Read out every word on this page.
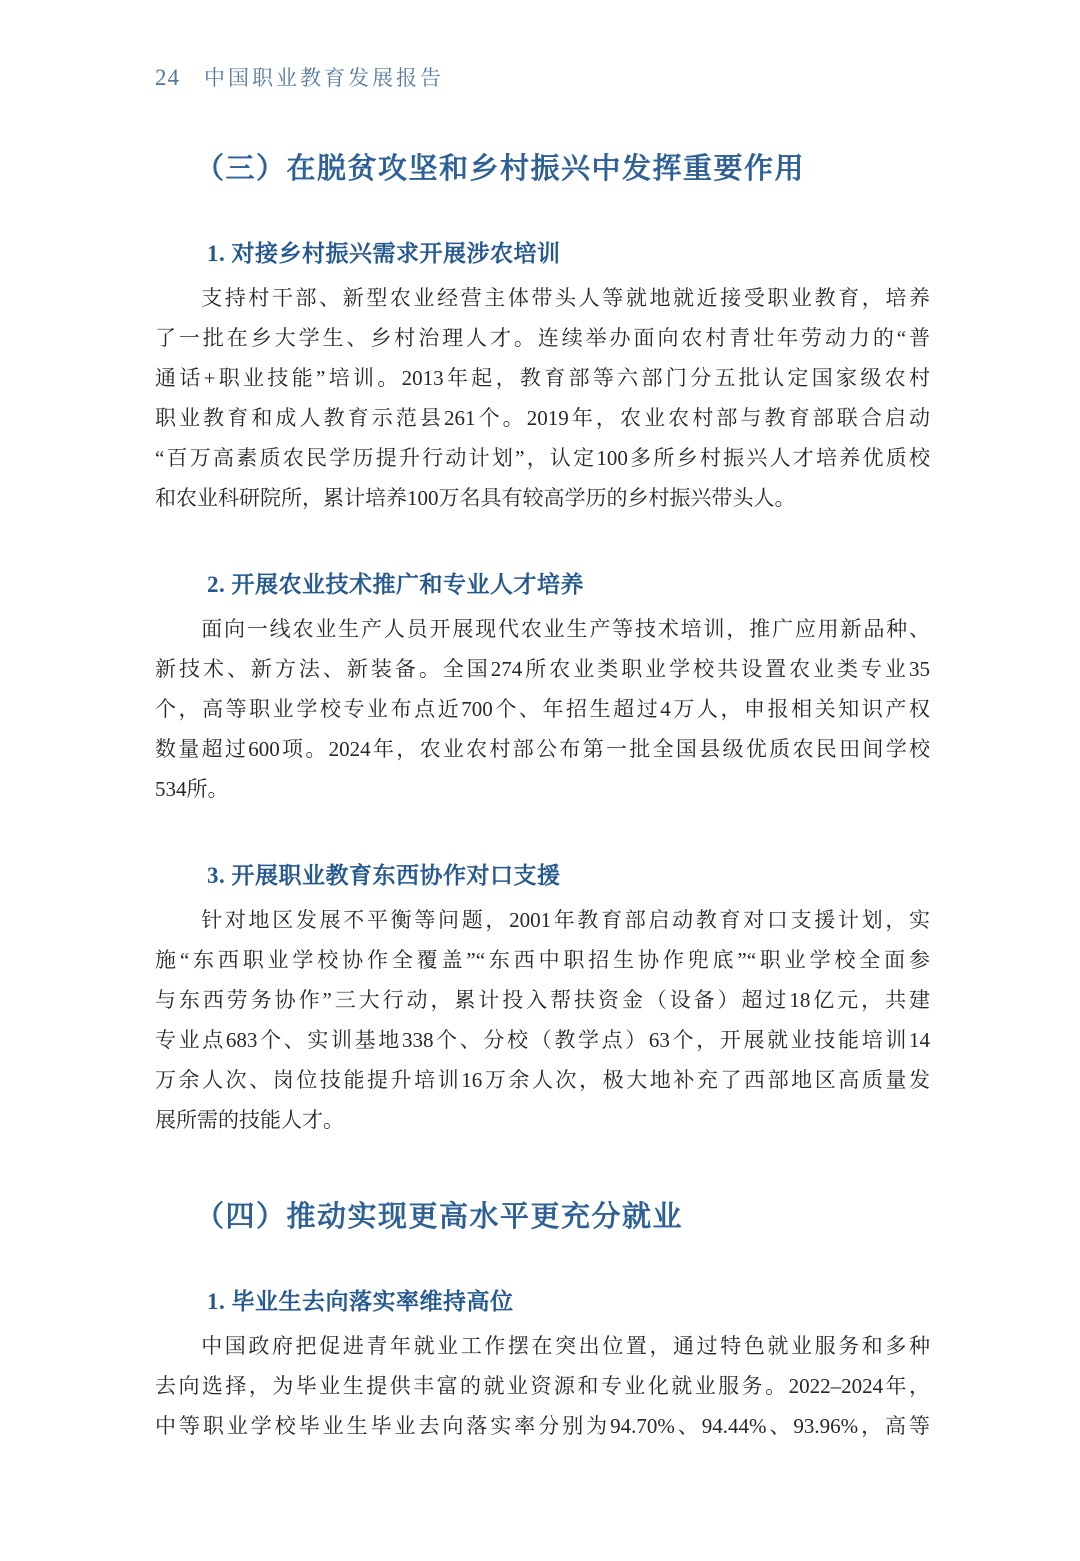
24 中国职业教育发展报告
（三）在脱贫攻坚和乡村振兴中发挥重要作用
1. 对接乡村振兴需求开展涉农培训
支持村干部、新型农业经营主体带头人等就地就近接受职业教育，培养
了一批在乡大学生、乡村治理人才。连续举办面向农村青壮年劳动力的“普
通话+职业技能”培训。2013年起，教育部等六部门分五批认定国家级农村
职业教育和成人教育示范县261个。2019年，农业农村部与教育部联合启动
“百万高素质农民学历提升行动计划”，认定100多所乡村振兴人才培养优质校
和农业科研院所，累计培养100万名具有较高学历的乡村振兴带头人。
2. 开展农业技术推广和专业人才培养
面向一线农业生产人员开展现代农业生产等技术培训，推广应用新品种、
新技术、新方法、新装备。全国274所农业类职业学校共设置农业类专业35
个，高等职业学校专业布点近700个、年招生超过4万人，申报相关知识产权
数量超过600项。2024年，农业农村部公布第一批全国县级优质农民田间学校
534所。
3. 开展职业教育东西协作对口支援
针对地区发展不平衡等问题，2001年教育部启动教育对口支援计划，实
施“东西职业学校协作全覆盖”“东西中职招生协作兜底”“职业学校全面参
与东西劳务协作”三大行动，累计投入帮扶资金（设备）超过18亿元，共建
专业点683个、实训基地338个、分校（教学点）63个，开展就业技能培训14
万余人次、岗位技能提升培训16万余人次，极大地补充了西部地区高质量发
展所需的技能人才。
（四）推动实现更高水平更充分就业
1. 毕业生去向落实率维持高位
中国政府把促进青年就业工作摆在突出位置，通过特色就业服务和多种
去向选择，为毕业生提供丰富的就业资源和专业化就业服务。2022–2024年，
中等职业学校毕业生毕业去向落实率分别为94.70%、94.44%、93.96%，高等
